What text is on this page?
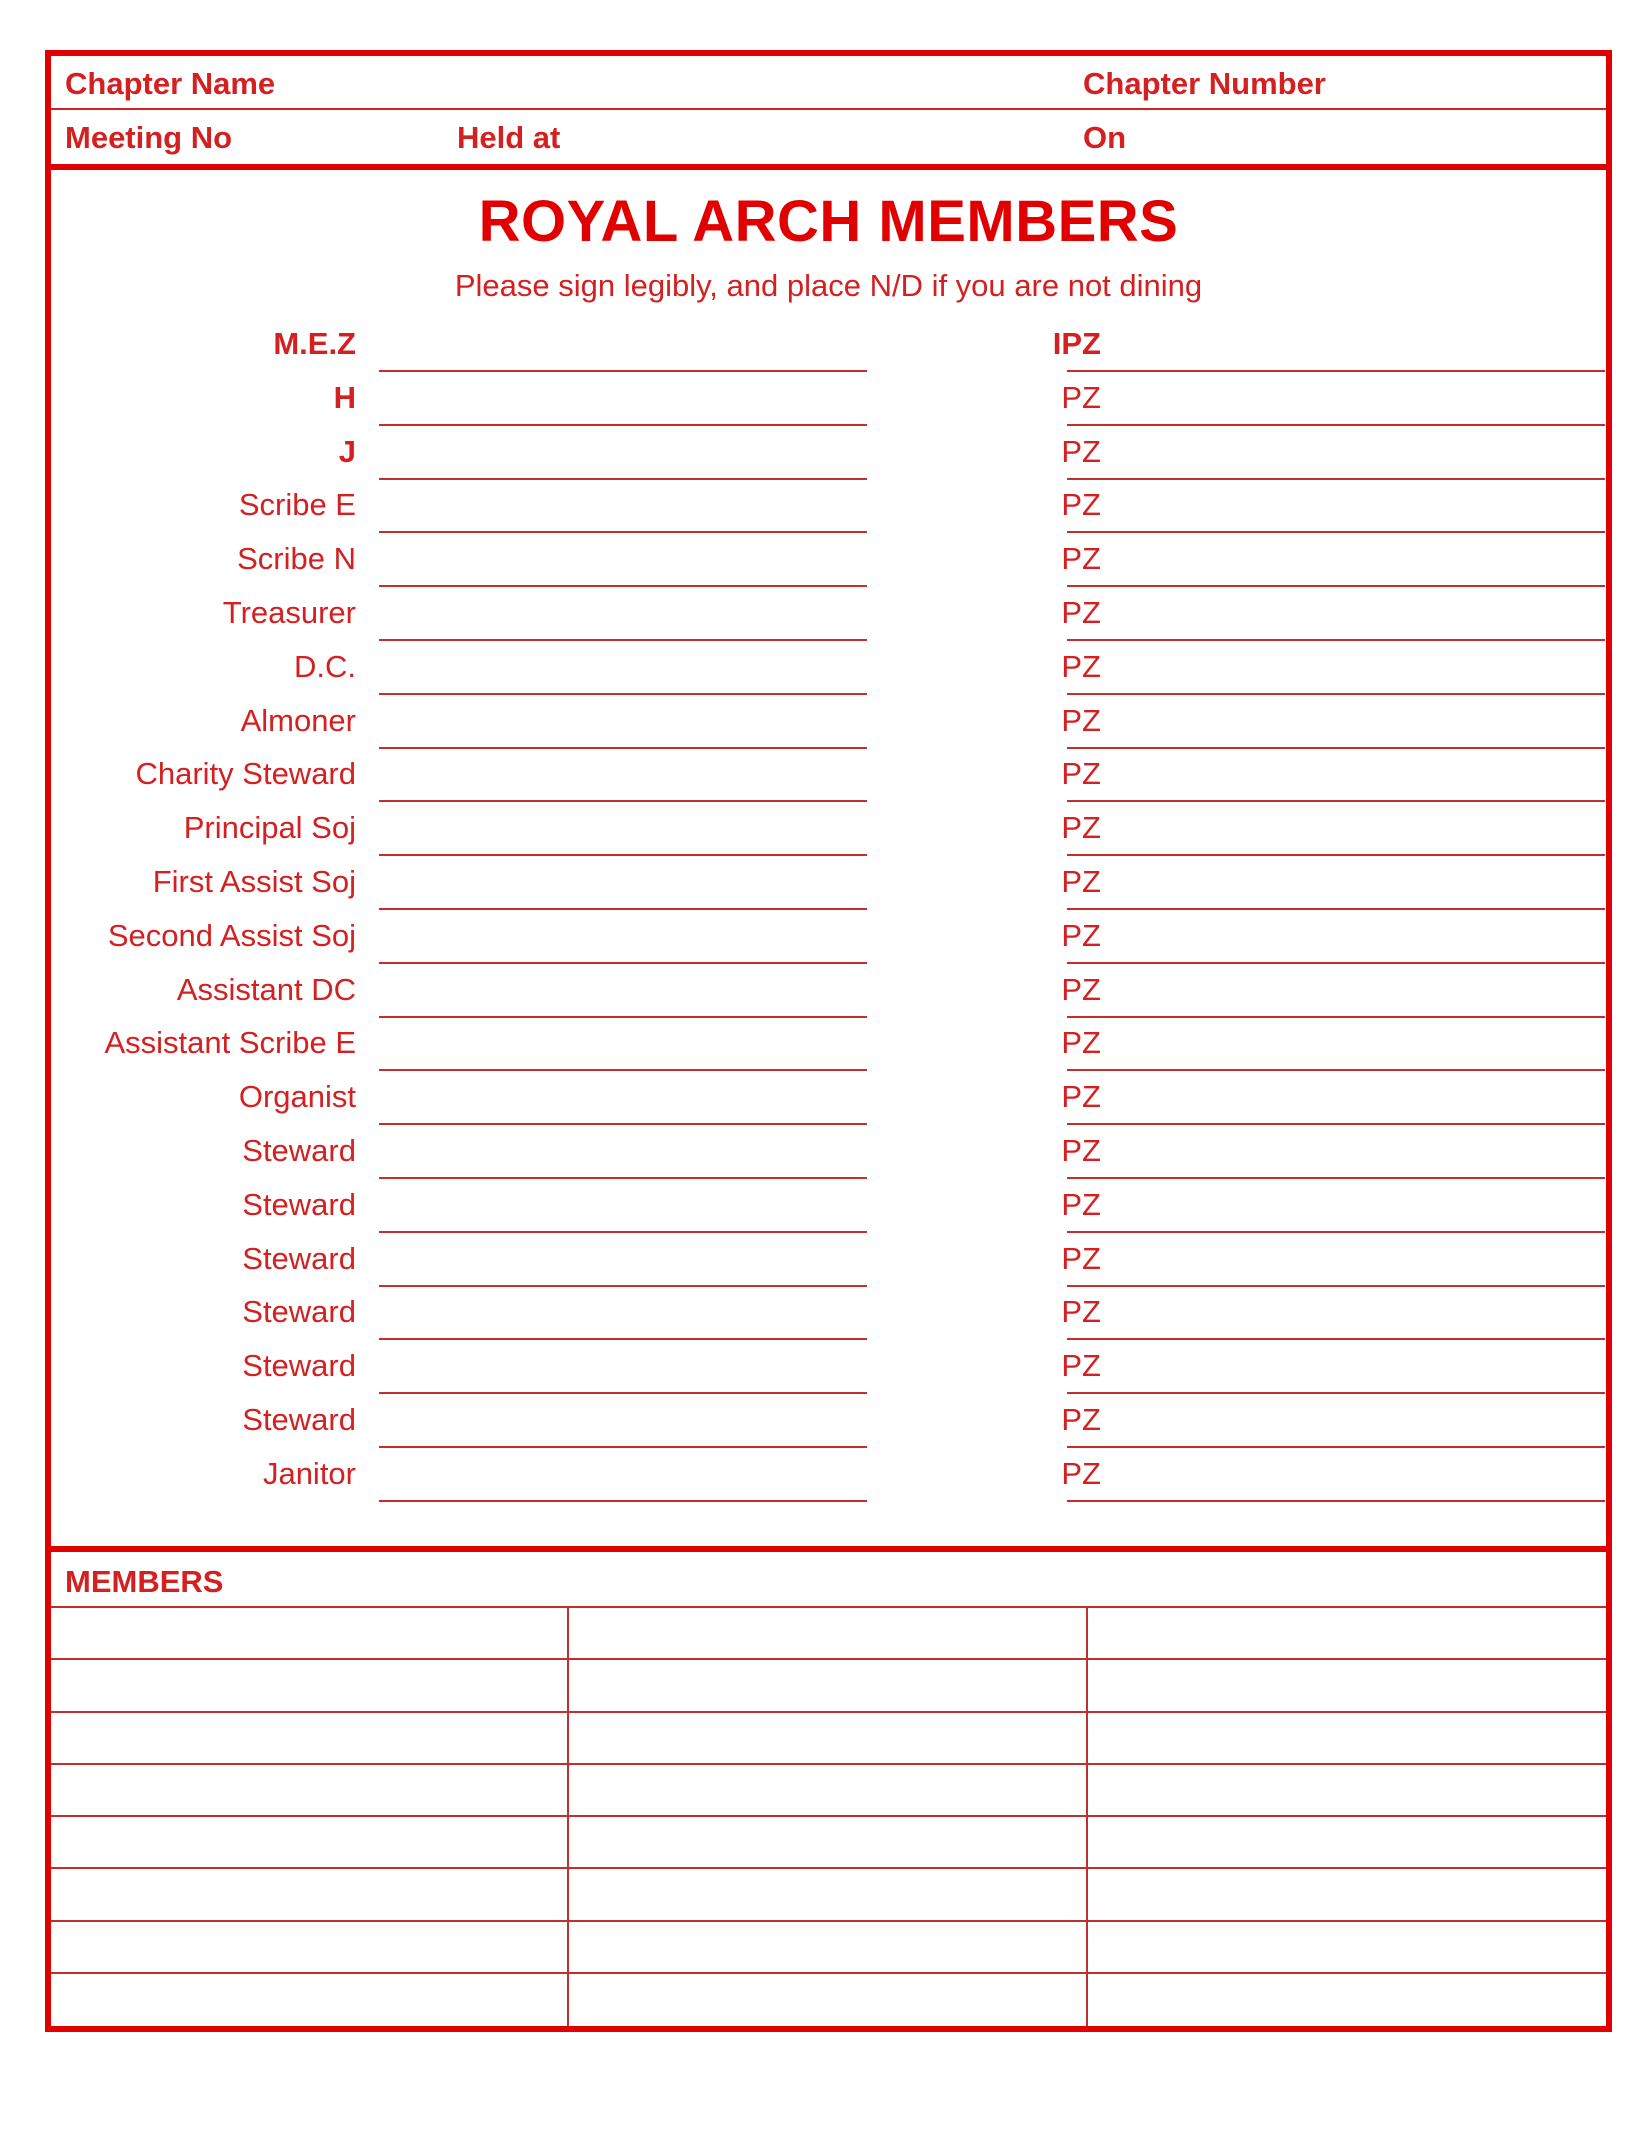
Chapter Name	Chapter Number
Meeting No	Held at	On
ROYAL ARCH MEMBERS
Please sign legibly, and place N/D if you are not dining
M.E.Z	IPZ
H	PZ
J	PZ
Scribe E	PZ
Scribe N	PZ
Treasurer	PZ
D.C.	PZ
Almoner	PZ
Charity Steward	PZ
Principal Soj	PZ
First Assist Soj	PZ
Second Assist Soj	PZ
Assistant DC	PZ
Assistant Scribe E	PZ
Organist	PZ
Steward	PZ
Steward	PZ
Steward	PZ
Steward	PZ
Steward	PZ
Steward	PZ
Janitor	PZ
MEMBERS
